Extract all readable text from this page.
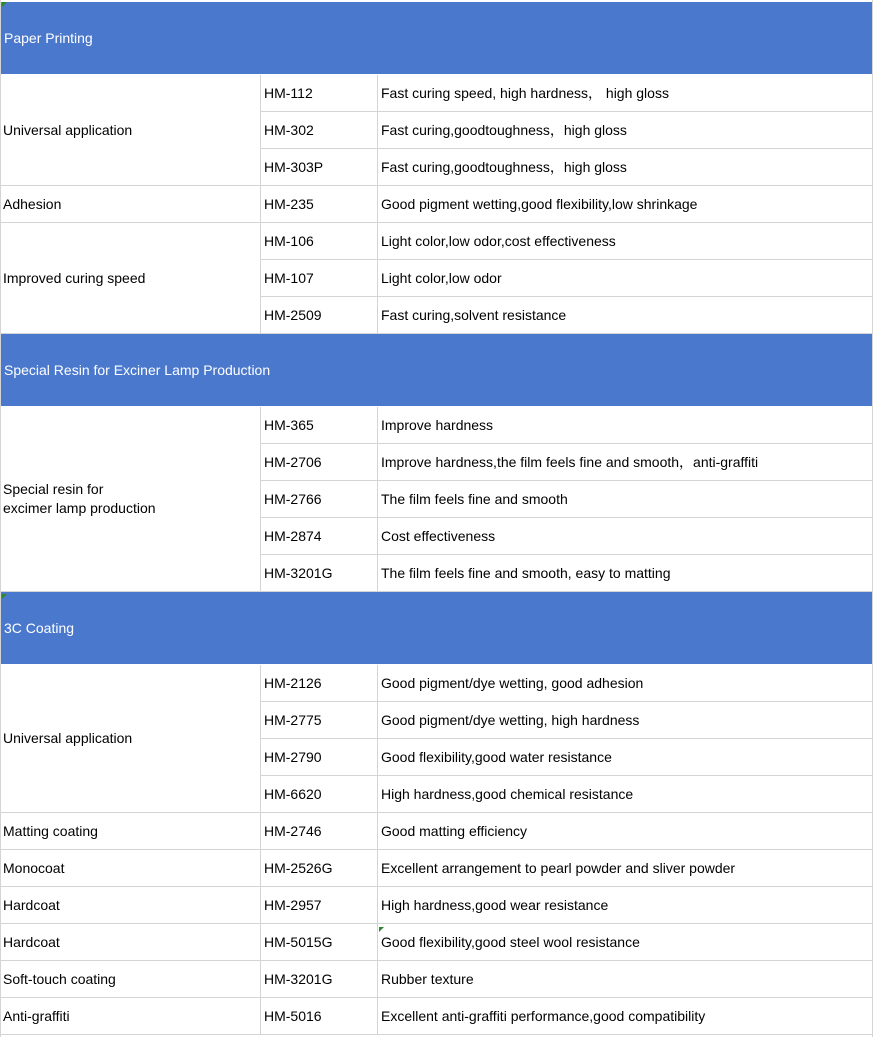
Paper Printing
Universal application
HM-112	Fast curing speed, high hardness， high gloss
HM-302	Fast curing,goodtoughness，high gloss
HM-303P	Fast curing,goodtoughness，high gloss
Adhesion	HM-235	Good pigment wetting,good flexibility,low shrinkage
Improved curing speed
HM-106	Light color,low odor,cost effectiveness
HM-107	Light color,low odor
HM-2509	Fast curing,solvent resistance
Special Resin for Exciner Lamp Production
Special resin for
excimer lamp production
HM-365	Improve hardness
HM-2706	Improve hardness,the film feels fine and smooth，anti-graffiti
HM-2766	The film feels fine and smooth
HM-2874	Cost effectiveness
HM-3201G	The film feels fine and smooth, easy to matting
3C Coating
Universal application
HM-2126	Good pigment/dye wetting, good adhesion
HM-2775	Good pigment/dye wetting, high hardness
HM-2790	Good flexibility,good water resistance
HM-6620	High hardness,good chemical resistance
Matting coating	HM-2746	Good matting efficiency
Monocoat	HM-2526G	Excellent arrangement to pearl powder and sliver powder
Hardcoat	HM-2957	High hardness,good wear resistance
Hardcoat	HM-5015G	Good flexibility,good steel wool resistance
Soft-touch coating	HM-3201G	Rubber texture
Anti-graffiti	HM-5016	Excellent anti-graffiti performance,good compatibility
